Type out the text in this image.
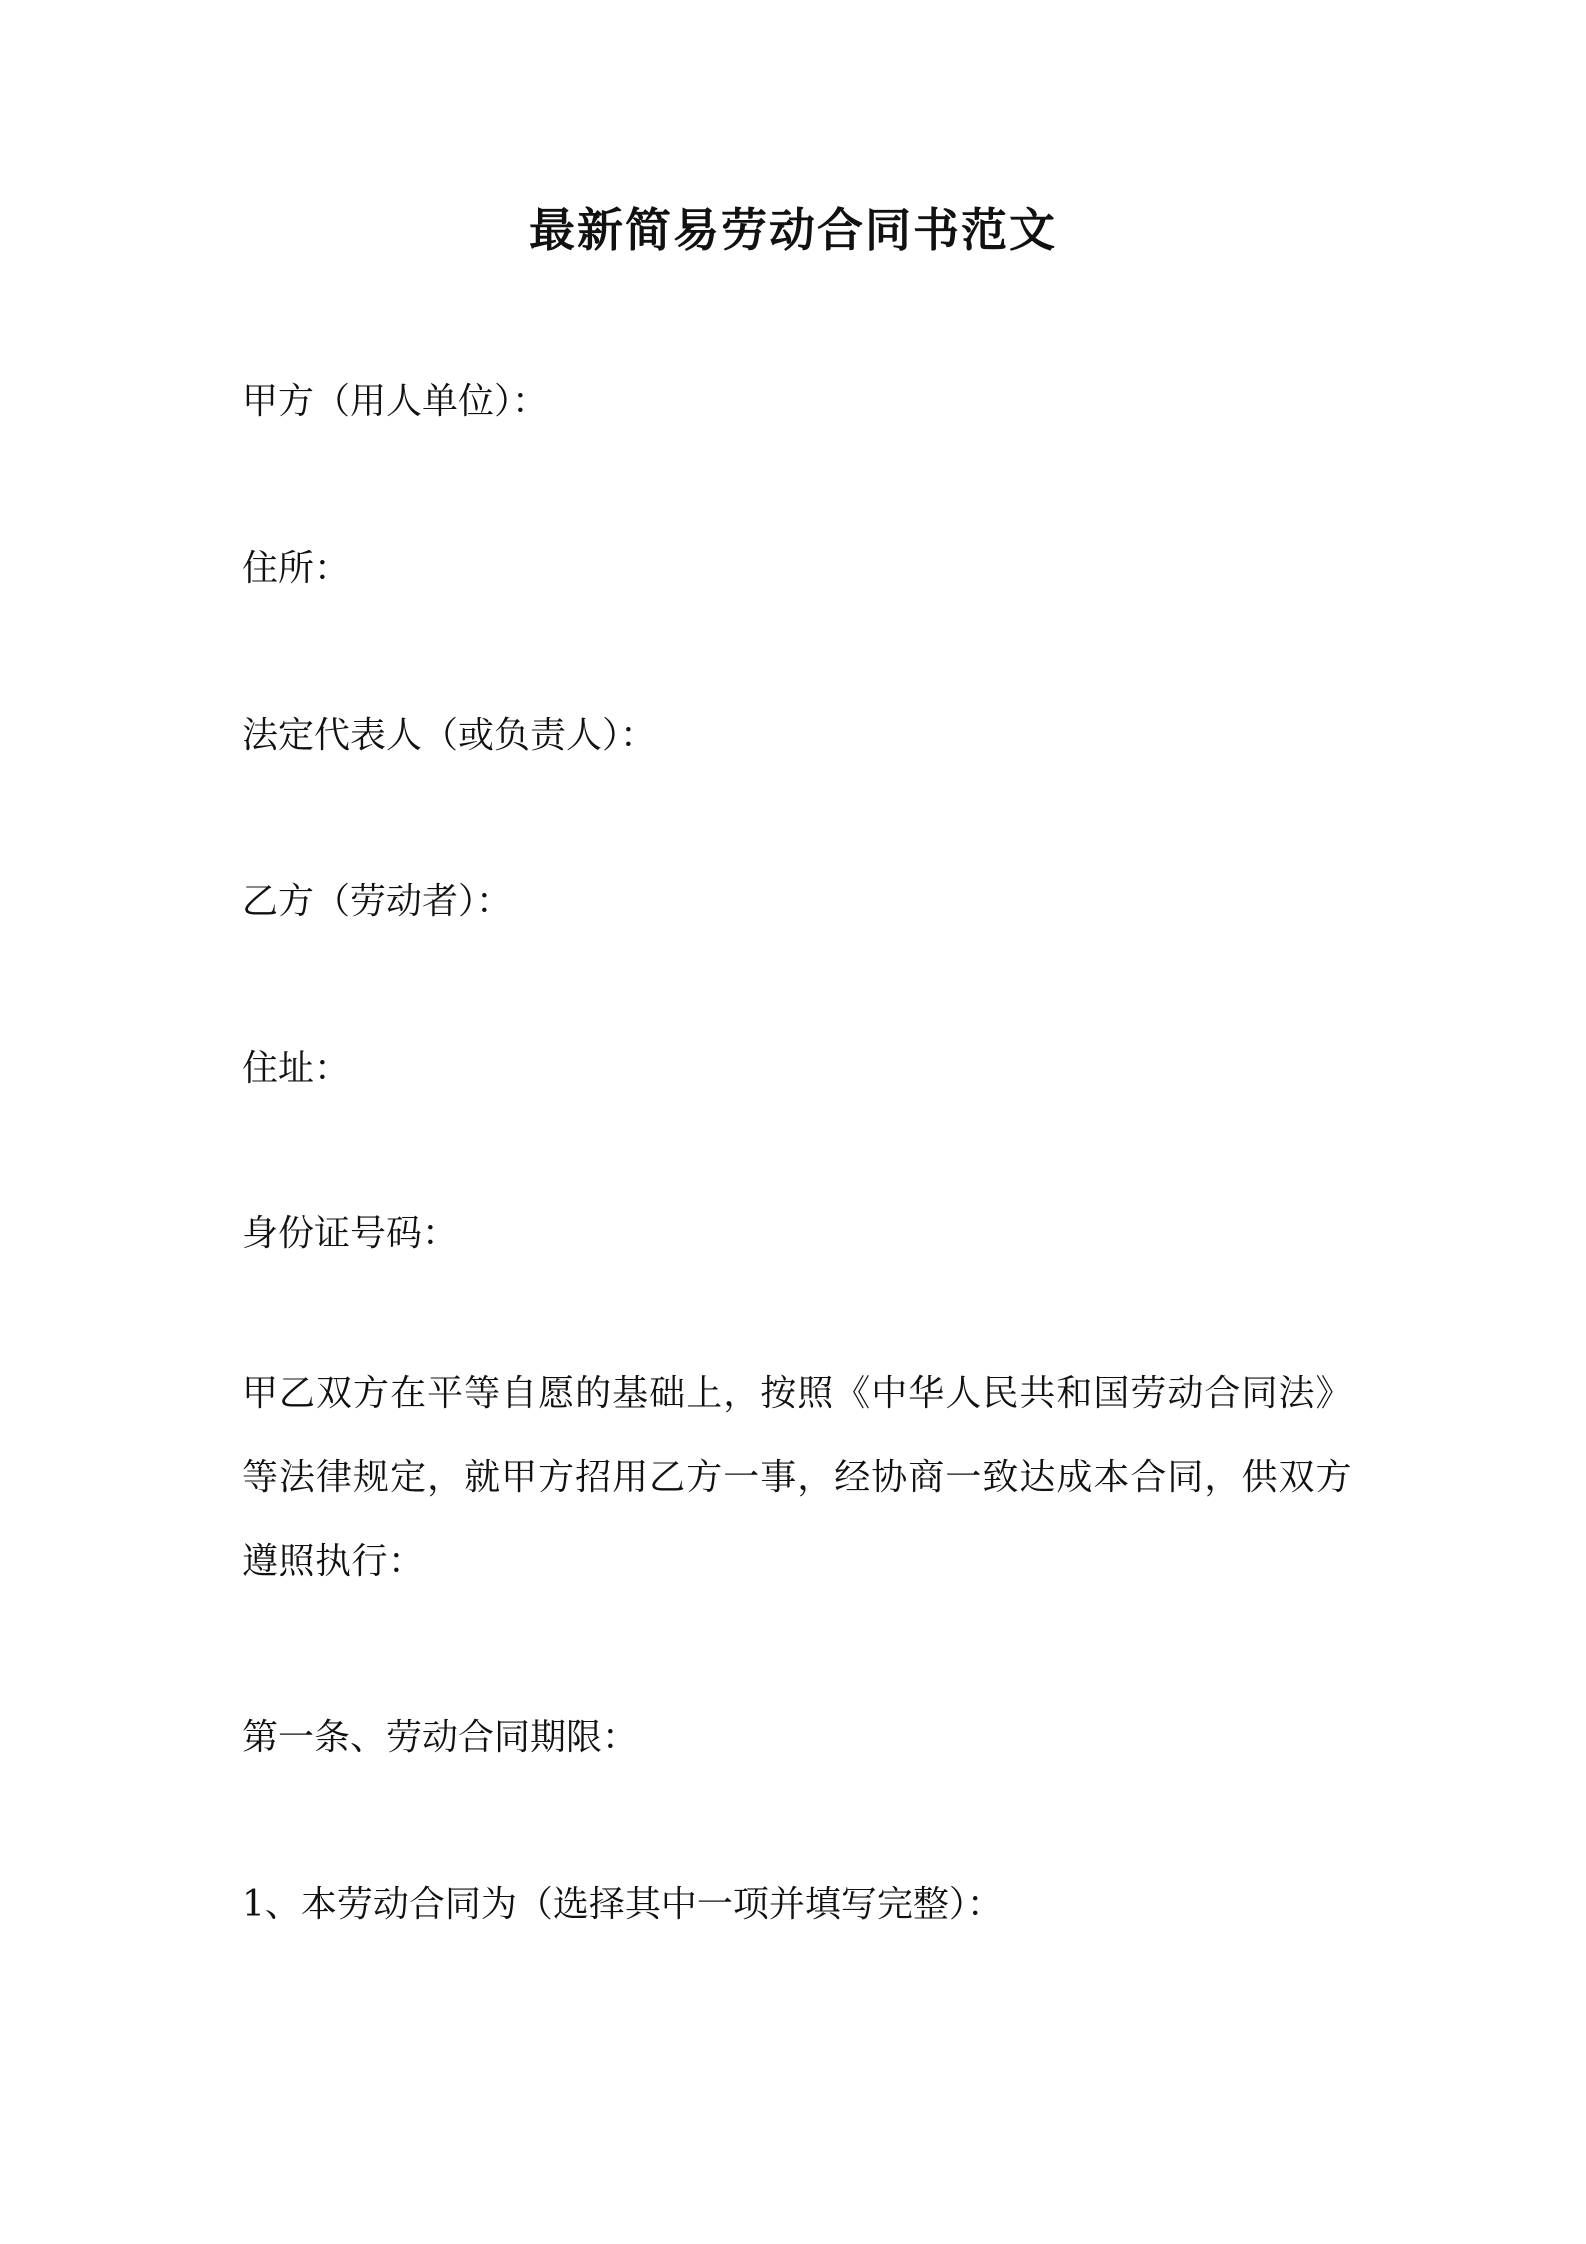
最新简易劳动合同书范文
甲方（用人单位）：
住所：
法定代表人（或负责人）：
乙方（劳动者）：
住址：
身份证号码：
甲乙双方在平等自愿的基础上，按照《中华人民共和国劳动合同法》等法律规定，就甲方招用乙方一事，经协商一致达成本合同，供双方遵照执行：
第一条、劳动合同期限：
1、本劳动合同为（选择其中一项并填写完整）：
